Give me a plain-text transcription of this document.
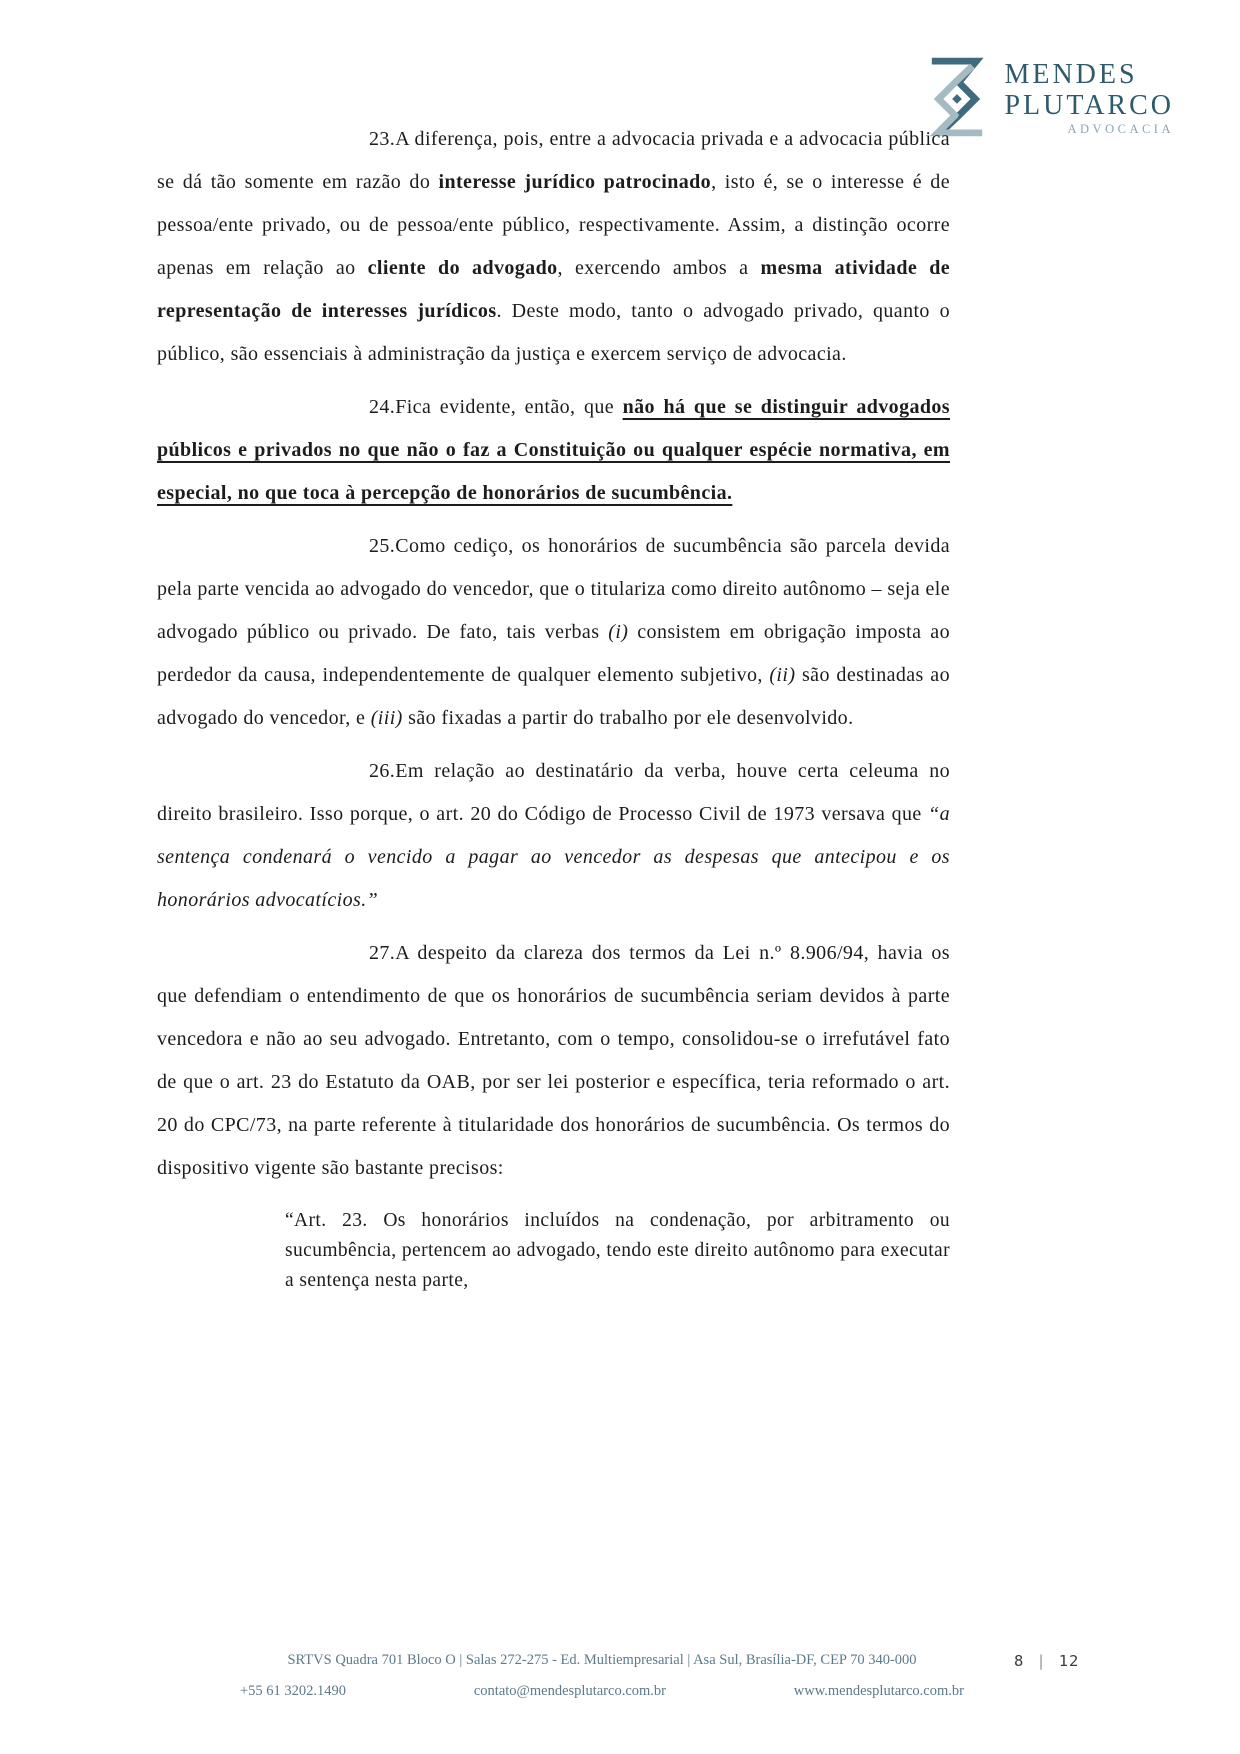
MENDES
PLUTARCO
ADVOCACIA

23.A diferença, pois, entre a advocacia privada e a advocacia pública se dá tão somente em razão do interesse jurídico patrocinado, isto é, se o interesse é de pessoa/ente privado, ou de pessoa/ente público, respectivamente. Assim, a distinção ocorre apenas em relação ao cliente do advogado, exercendo ambos a mesma atividade de representação de interesses jurídicos. Deste modo, tanto o advogado privado, quanto o público, são essenciais à administração da justiça e exercem serviço de advocacia.

24.Fica evidente, então, que não há que se distinguir advogados públicos e privados no que não o faz a Constituição ou qualquer espécie normativa, em especial, no que toca à percepção de honorários de sucumbência.

25.Como cediço, os honorários de sucumbência são parcela devida pela parte vencida ao advogado do vencedor, que o titulariza como direito autônomo – seja ele advogado público ou privado. De fato, tais verbas (i) consistem em obrigação imposta ao perdedor da causa, independentemente de qualquer elemento subjetivo, (ii) são destinadas ao advogado do vencedor, e (iii) são fixadas a partir do trabalho por ele desenvolvido.

26.Em relação ao destinatário da verba, houve certa celeuma no direito brasileiro. Isso porque, o art. 20 do Código de Processo Civil de 1973 versava que “a sentença condenará o vencido a pagar ao vencedor as despesas que antecipou e os honorários advocatícios.”

27.A despeito da clareza dos termos da Lei n.º 8.906/94, havia os que defendiam o entendimento de que os honorários de sucumbência seriam devidos à parte vencedora e não ao seu advogado. Entretanto, com o tempo, consolidou-se o irrefutável fato de que o art. 23 do Estatuto da OAB, por ser lei posterior e específica, teria reformado o art. 20 do CPC/73, na parte referente à titularidade dos honorários de sucumbência. Os termos do dispositivo vigente são bastante precisos:

“Art. 23. Os honorários incluídos na condenação, por arbitramento ou sucumbência, pertencem ao advogado, tendo este direito autônomo para executar a sentença nesta parte,

SRTVS Quadra 701 Bloco O | Salas 272-275 - Ed. Multiempresarial | Asa Sul, Brasília-DF, CEP 70 340-000
+55 61 3202.1490	contato@mendesplutarco.com.br	www.mendesplutarco.com.br
8 | 12
